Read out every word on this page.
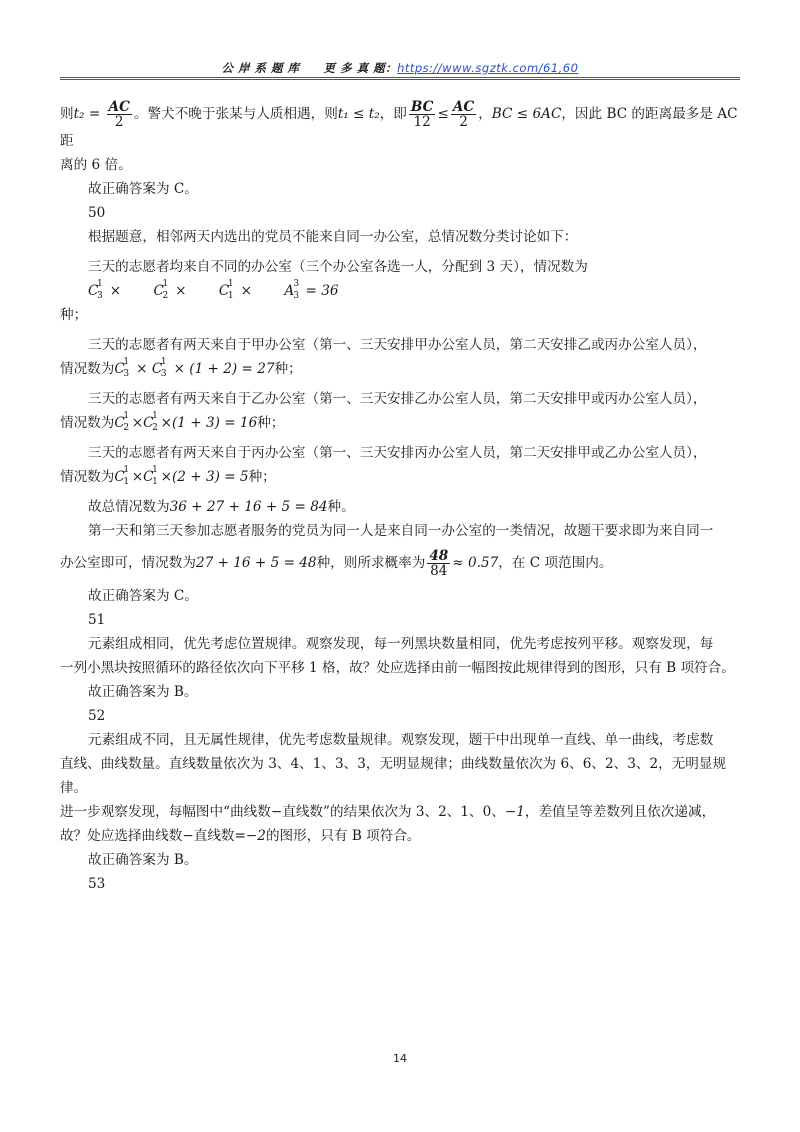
公 岸 系 题 库　　更 多 真 题：https://www.sgztk.com/61,60

则$t_2 = \frac{AC}{2}$ 。警犬不晚于张某与人质相遇，则t₁ ≤ t₂，即 $\frac{BC}{12} \le \frac{AC}{2}$ ，BC ≤ 6AC，因此 BC 的距离最多是 AC 距

离的 6 倍。

故正确答案为 C。

50

根据题意，相邻两天内选出的党员不能来自同一办公室，总情况数分类讨论如下：

三天的志愿者均来自不同的办公室（三个办公室各选一人，分配到 3 天），情况数为C
1
3 × C
1
2 × C
1
1 × A 3
3 = 36

种；

三天的志愿者有两天来自于甲办公室（第一、三天安排甲办公室人员，第二天安排乙或丙办公室人员），

情况数为C
1
3 × C
1
3 × (1 + 2) = 27种；

三天的志愿者有两天来自于乙办公室（第一、三天安排乙办公室人员，第二天安排甲或丙办公室人员），

情况数为C
1
2 ×C
1
2 ×(1 + 3) = 16种；

三天的志愿者有两天来自于丙办公室（第一、三天安排丙办公室人员，第二天安排甲或乙办公室人员），

情况数为C
1
1 ×C
1
1 ×(2 + 3) = 5种；

故总情况数为36 + 27 + 16 + 5 = 84种。

第一天和第三天参加志愿者服务的党员为同一人是来自同一办公室的一类情况，故题干要求即为来自同一

办公室即可，情况数为27 + 16 + 5 = 48种，则所求概率为 $\frac{48}{84} \approx 0.57$，在 C 项范围内。

故正确答案为 C。

51

元素组成相同，优先考虑位置规律。观察发现，每一列黑块数量相同，优先考虑按列平移。观察发现，每

一列小黑块按照循环的路径依次向下平移 1 格，故？处应选择由前一幅图按此规律得到的图形，只有 B 项符合。

故正确答案为 B。

52

元素组成不同，且无属性规律，优先考虑数量规律。观察发现，题干中出现单一直线、单一曲线，考虑数

直线、曲线数量。直线数量依次为 3、4、1、3、3，无明显规律；曲线数量依次为 6、6、2、3、2，无明显规律。

进一步观察发现，每幅图中“曲线数−直线数”的结果依次为 3、2、1、0、−1，差值呈等差数列且依次递减，

故？处应选择曲线数−直线数=−2的图形，只有 B 项符合。

故正确答案为 B。

53

14
